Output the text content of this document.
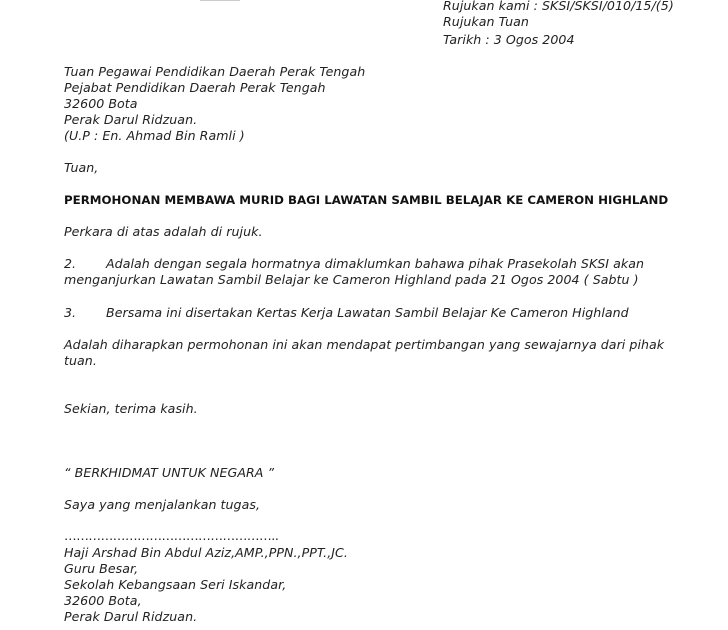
Rujukan kami : SKSI/SKSI/010/15/(5)
Rujukan Tuan
Tarikh : 3 Ogos 2004
Tuan Pegawai Pendidikan Daerah Perak Tengah
Pejabat Pendidikan Daerah Perak Tengah
32600 Bota
Perak Darul Ridzuan.
(U.P : En. Ahmad Bin Ramli )
Tuan,
PERMOHONAN MEMBAWA MURID BAGI LAWATAN SAMBIL BELAJAR KE CAMERON HIGHLAND
Perkara di atas adalah di rujuk.
2. Adalah dengan segala hormatnya dimaklumkan bahawa pihak Prasekolah SKSI akan
menganjurkan Lawatan Sambil Belajar ke Cameron Highland pada 21 Ogos 2004 ( Sabtu )
3. Bersama ini disertakan Kertas Kerja Lawatan Sambil Belajar Ke Cameron Highland
Adalah diharapkan permohonan ini akan mendapat pertimbangan yang sewajarnya dari pihak
tuan.
Sekian, terima kasih.
“ BERKHIDMAT UNTUK NEGARA ”
Saya yang menjalankan tugas,
……………………………………………..
Haji Arshad Bin Abdul Aziz,AMP.,PPN.,PPT.,JC.
Guru Besar,
Sekolah Kebangsaan Seri Iskandar,
32600 Bota,
Perak Darul Ridzuan.
